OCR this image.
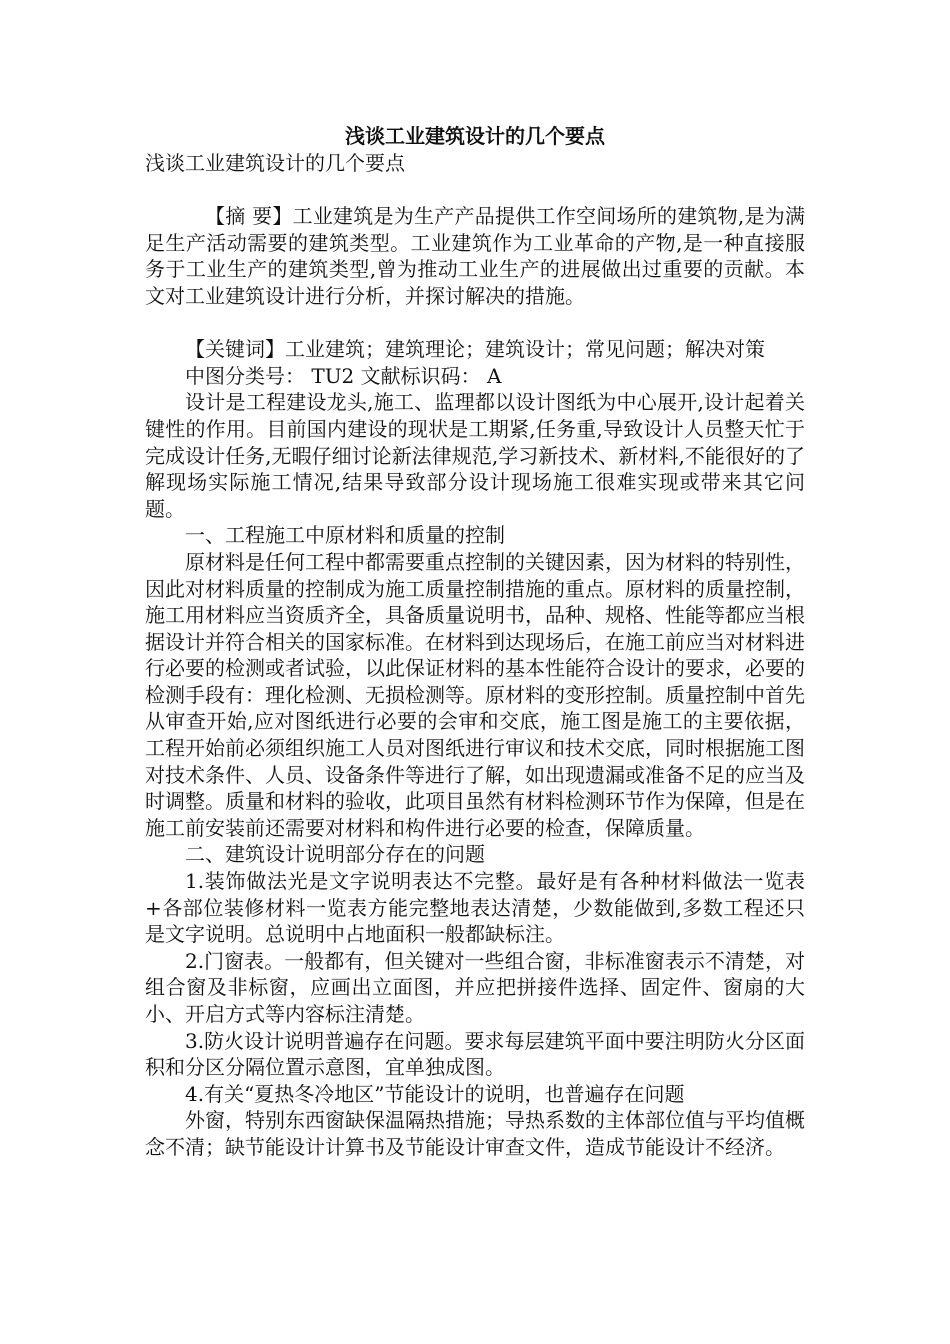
浅谈工业建筑设计的几个要点

浅谈工业建筑设计的几个要点

【摘 要】工业建筑是为生产产品提供工作空间场所的建筑物,是为满足生产活动需要的建筑类型。工业建筑作为工业革命的产物,是一种直接服务于工业生产的建筑类型,曾为推动工业生产的进展做出过重要的贡献。本文对工业建筑设计进行分析，并探讨解决的措施。

【关键词】工业建筑；建筑理论；建筑设计；常见问题；解决对策

中图分类号： TU2 文献标识码： A

设计是工程建设龙头,施工、监理都以设计图纸为中心展开,设计起着关键性的作用。目前国内建设的现状是工期紧,任务重,导致设计人员整天忙于完成设计任务,无暇仔细讨论新法律规范,学习新技术、新材料,不能很好的了解现场实际施工情况,结果导致部分设计现场施工很难实现或带来其它问题。

一、工程施工中原材料和质量的控制

原材料是任何工程中都需要重点控制的关键因素，因为材料的特别性，因此对材料质量的控制成为施工质量控制措施的重点。原材料的质量控制，施工用材料应当资质齐全，具备质量说明书，品种、规格、性能等都应当根据设计并符合相关的国家标准。在材料到达现场后，在施工前应当对材料进行必要的检测或者试验，以此保证材料的基本性能符合设计的要求，必要的检测手段有：理化检测、无损检测等。原材料的变形控制。质量控制中首先从审查开始,应对图纸进行必要的会审和交底，施工图是施工的主要依据，工程开始前必须组织施工人员对图纸进行审议和技术交底，同时根据施工图对技术条件、人员、设备条件等进行了解，如出现遗漏或准备不足的应当及时调整。质量和材料的验收，此项目虽然有材料检测环节作为保障，但是在施工前安装前还需要对材料和构件进行必要的检查，保障质量。

二、建筑设计说明部分存在的问题

1.装饰做法光是文字说明表达不完整。最好是有各种材料做法一览表+各部位装修材料一览表方能完整地表达清楚，少数能做到,多数工程还只是文字说明。总说明中占地面积一般都缺标注。

2.门窗表。一般都有，但关键对一些组合窗，非标准窗表示不清楚，对组合窗及非标窗，应画出立面图，并应把拼接件选择、固定件、窗扇的大小、开启方式等内容标注清楚。

3.防火设计说明普遍存在问题。要求每层建筑平面中要注明防火分区面积和分区分隔位置示意图，宜单独成图。

4.有关“夏热冬冷地区”节能设计的说明，也普遍存在问题

外窗，特别东西窗缺保温隔热措施；导热系数的主体部位值与平均值概念不清；缺节能设计计算书及节能设计审查文件，造成节能设计不经济。
